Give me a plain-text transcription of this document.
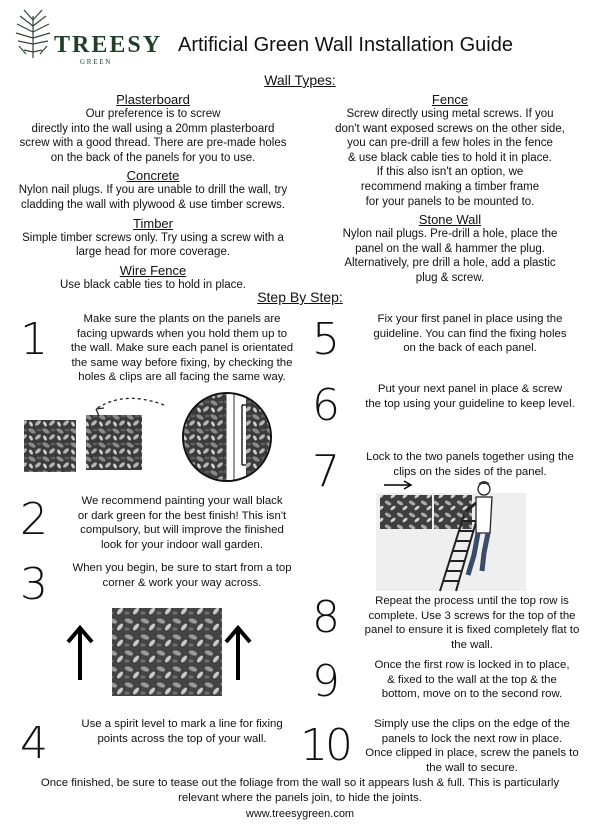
TREESY
G R E E N
Artificial Green Wall Installation Guide
Wall Types:
Plasterboard
Our preference is to screw
directly into the wall using a 20mm plasterboard
screw with a good thread. There are pre-made holes
on the back of the panels for you to use.
Concrete
Nylon nail plugs. If you are unable to drill the wall, try
cladding the wall with plywood & use timber screws.
Timber
Simple timber screws only. Try using a screw with a
large head for more coverage.
Wire Fence
Use black cable ties to hold in place.
Fence
Screw directly using metal screws. If you
don't want exposed screws on the other side,
you can pre-drill a few holes in the fence
& use black cable ties to hold it in place.
If this also isn't an option, we
recommend making a timber frame
for your panels to be mounted to.
Stone Wall
Nylon nail plugs. Pre-drill a hole, place the
panel on the wall & hammer the plug.
Alternatively, pre drill a hole, add a plastic
plug & screw.
Step By Step:
1	Make sure the plants on the panels are
facing upwards when you hold them up to
the wall. Make sure each panel is orientated
the same way before fixing, by checking the
holes & clips are all facing the same way.
2	We recommend painting your wall black
or dark green for the best finish! This isn't
compulsory, but will improve the finished
look for your indoor wall garden.
3	When you begin, be sure to start from a top
corner & work your way across.
4	Use a spirit level to mark a line for fixing
points across the top of your wall.
5	Fix your first panel in place using the
guideline. You can find the fixing holes
on the back of each panel.
6	Put your next panel in place & screw
the top using your guideline to keep level.
7	Lock to the two panels together using the
clips on the sides of the panel.
8	Repeat the process until the top row is
complete. Use 3 screws for the top of the
panel to ensure it is fixed completely flat to
the wall.
9	Once the first row is locked in to place,
& fixed to the wall at the top & the
bottom, move on to the second row.
10	Simply use the clips on the edge of the
panels to lock the next row in place.
Once clipped in place, screw the panels to
the wall to secure.
Once finished, be sure to tease out the foliage from the wall so it appears lush & full. This is particularly
relevant where the panels join, to hide the joints.
www.treesygreen.com
